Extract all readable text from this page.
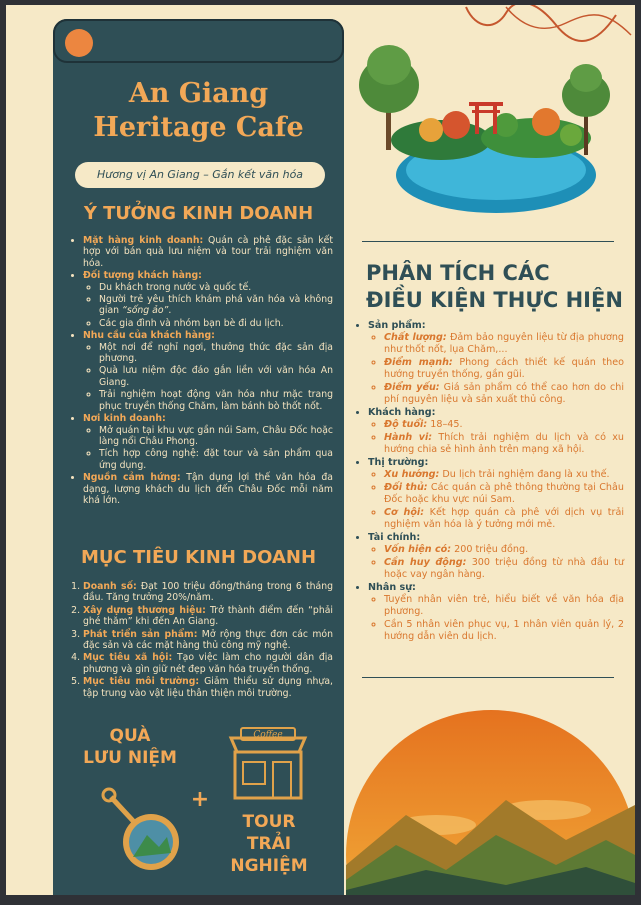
An Giang
Heritage Cafe
Hương vị An Giang – Gắn kết văn hóa
Ý TƯỞNG KINH DOANH
• Mặt hàng kinh doanh: Quán cà phê đặc sản kết hợp với bán quà lưu niệm và tour trải nghiệm văn hóa.
• Đối tượng khách hàng:
◦ Du khách trong nước và quốc tế.
◦ Người trẻ yêu thích khám phá văn hóa và không gian “sống ảo”.
◦ Các gia đình và nhóm bạn bè đi du lịch.
• Nhu cầu của khách hàng:
◦ Một nơi để nghỉ ngơi, thưởng thức đặc sản địa phương.
◦ Quà lưu niệm độc đáo gắn liền với văn hóa An Giang.
◦ Trải nghiệm hoạt động văn hóa như mặc trang phục truyền thống Chăm, làm bánh bò thốt nốt.
• Nơi kinh doanh:
◦ Mở quán tại khu vực gần núi Sam, Châu Đốc hoặc làng nổi Châu Phong.
◦ Tích hợp công nghệ: đặt tour và sản phẩm qua ứng dụng.
• Nguồn cảm hứng: Tận dụng lợi thế văn hóa đa dạng, lượng khách du lịch đến Châu Đốc mỗi năm khá lớn.
MỤC TIÊU KINH DOANH
1. Doanh số: Đạt 100 triệu đồng/tháng trong 6 tháng đầu. Tăng trưởng 20%/năm.
2. Xây dựng thương hiệu: Trở thành điểm đến “phải ghé thăm” khi đến An Giang.
3. Phát triển sản phẩm: Mở rộng thực đơn các món đặc sản và các mặt hàng thủ công mỹ nghệ.
4. Mục tiêu xã hội: Tạo việc làm cho người dân địa phương và gìn giữ nét đẹp văn hóa truyền thống.
5. Mục tiêu môi trường: Giảm thiểu sử dụng nhựa, tập trung vào vật liệu thân thiện môi trường.
QUÀ
LƯU NIỆM
+
Coffee
TOUR
TRẢI
NGHIỆM
PHÂN TÍCH CÁC
ĐIỀU KIỆN THỰC HIỆN
• Sản phẩm:
◦ Chất lượng: Đảm bảo nguyên liệu từ địa phương như thốt nốt, lụa Chăm,...
◦ Điểm mạnh: Phong cách thiết kế quán theo hướng truyền thống, gần gũi.
◦ Điểm yếu: Giá sản phẩm có thể cao hơn do chi phí nguyên liệu và sản xuất thủ công.
• Khách hàng:
◦ Độ tuổi: 18–45.
◦ Hành vi: Thích trải nghiệm du lịch và có xu hướng chia sẻ hình ảnh trên mạng xã hội.
• Thị trường:
◦ Xu hướng: Du lịch trải nghiệm đang là xu thế.
◦ Đối thủ: Các quán cà phê thông thường tại Châu Đốc hoặc khu vực núi Sam.
◦ Cơ hội: Kết hợp quán cà phê với dịch vụ trải nghiệm văn hóa là ý tưởng mới mẻ.
• Tài chính:
◦ Vốn hiện có: 200 triệu đồng.
◦ Cần huy động: 300 triệu đồng từ nhà đầu tư hoặc vay ngân hàng.
• Nhân sự:
◦ Tuyển nhân viên trẻ, hiểu biết về văn hóa địa phương.
◦ Cần 5 nhân viên phục vụ, 1 nhân viên quản lý, 2 hướng dẫn viên du lịch.
